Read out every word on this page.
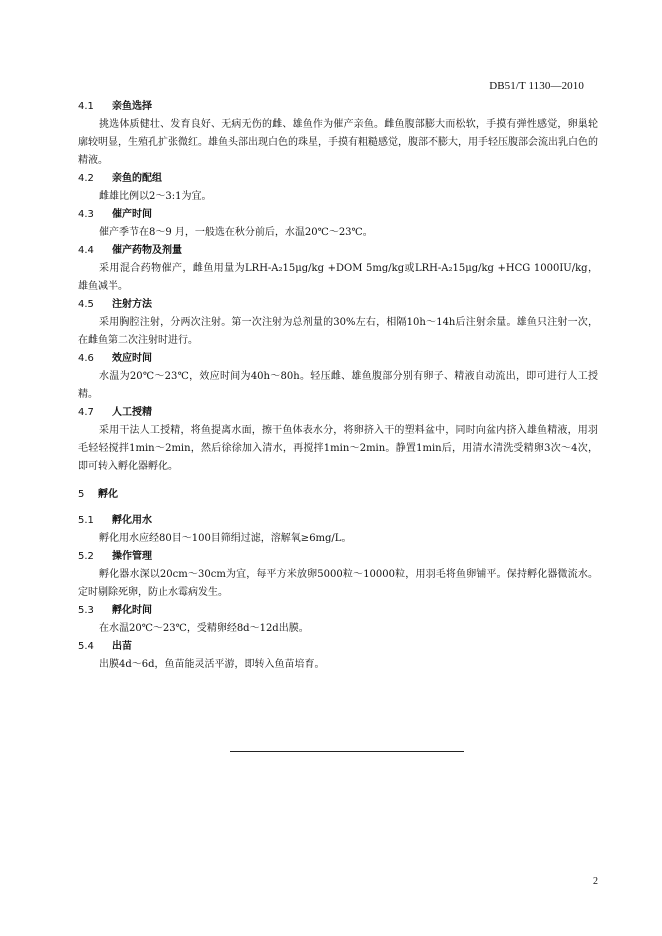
DB51/T 1130—2010
4.1 亲鱼选择

挑选体质健壮、发育良好、无病无伤的雌、雄鱼作为催产亲鱼。雌鱼腹部膨大而松软，手摸有弹性感觉，卵巢轮廓较明显，生殖孔扩张微红。雄鱼头部出现白色的珠星，手摸有粗糙感觉，腹部不膨大，用手轻压腹部会流出乳白色的精液。

4.2 亲鱼的配组

雌雄比例以2～3:1为宜。

4.3 催产时间

催产季节在8～9 月，一般选在秋分前后，水温20℃～23℃。

4.4 催产药物及剂量

采用混合药物催产，雌鱼用量为LRH-A₂15μg/kg +DOM 5mg/kg或LRH-A₂15μg/kg +HCG 1000IU/kg，雄鱼减半。

4.5 注射方法

采用胸腔注射，分两次注射。第一次注射为总剂量的30%左右，相隔10h～14h后注射余量。雄鱼只注射一次，在雌鱼第二次注射时进行。

4.6 效应时间

水温为20℃～23℃，效应时间为40h～80h。轻压雌、雄鱼腹部分别有卵子、精液自动流出，即可进行人工授精。

4.7 人工授精

采用干法人工授精，将鱼提离水面，擦干鱼体表水分，将卵挤入干的塑料盆中，同时向盆内挤入雄鱼精液，用羽毛轻轻搅拌1min～2min，然后徐徐加入清水，再搅拌1min～2min。静置1min后，用清水清洗受精卵3次～4次，即可转入孵化器孵化。

5 孵化
5.1 孵化用水

孵化用水应经80目～100目筛绢过滤，溶解氧≥6mg/L。

5.2 操作管理

孵化器水深以20cm～30cm为宜，每平方米放卵5000粒～10000粒，用羽毛将鱼卵铺平。保持孵化器微流水。定时剔除死卵，防止水霉病发生。

5.3 孵化时间

在水温20℃～23℃，受精卵经8d～12d出膜。

5.4 出苗

出膜4d～6d，鱼苗能灵活平游，即转入鱼苗培育。

2
